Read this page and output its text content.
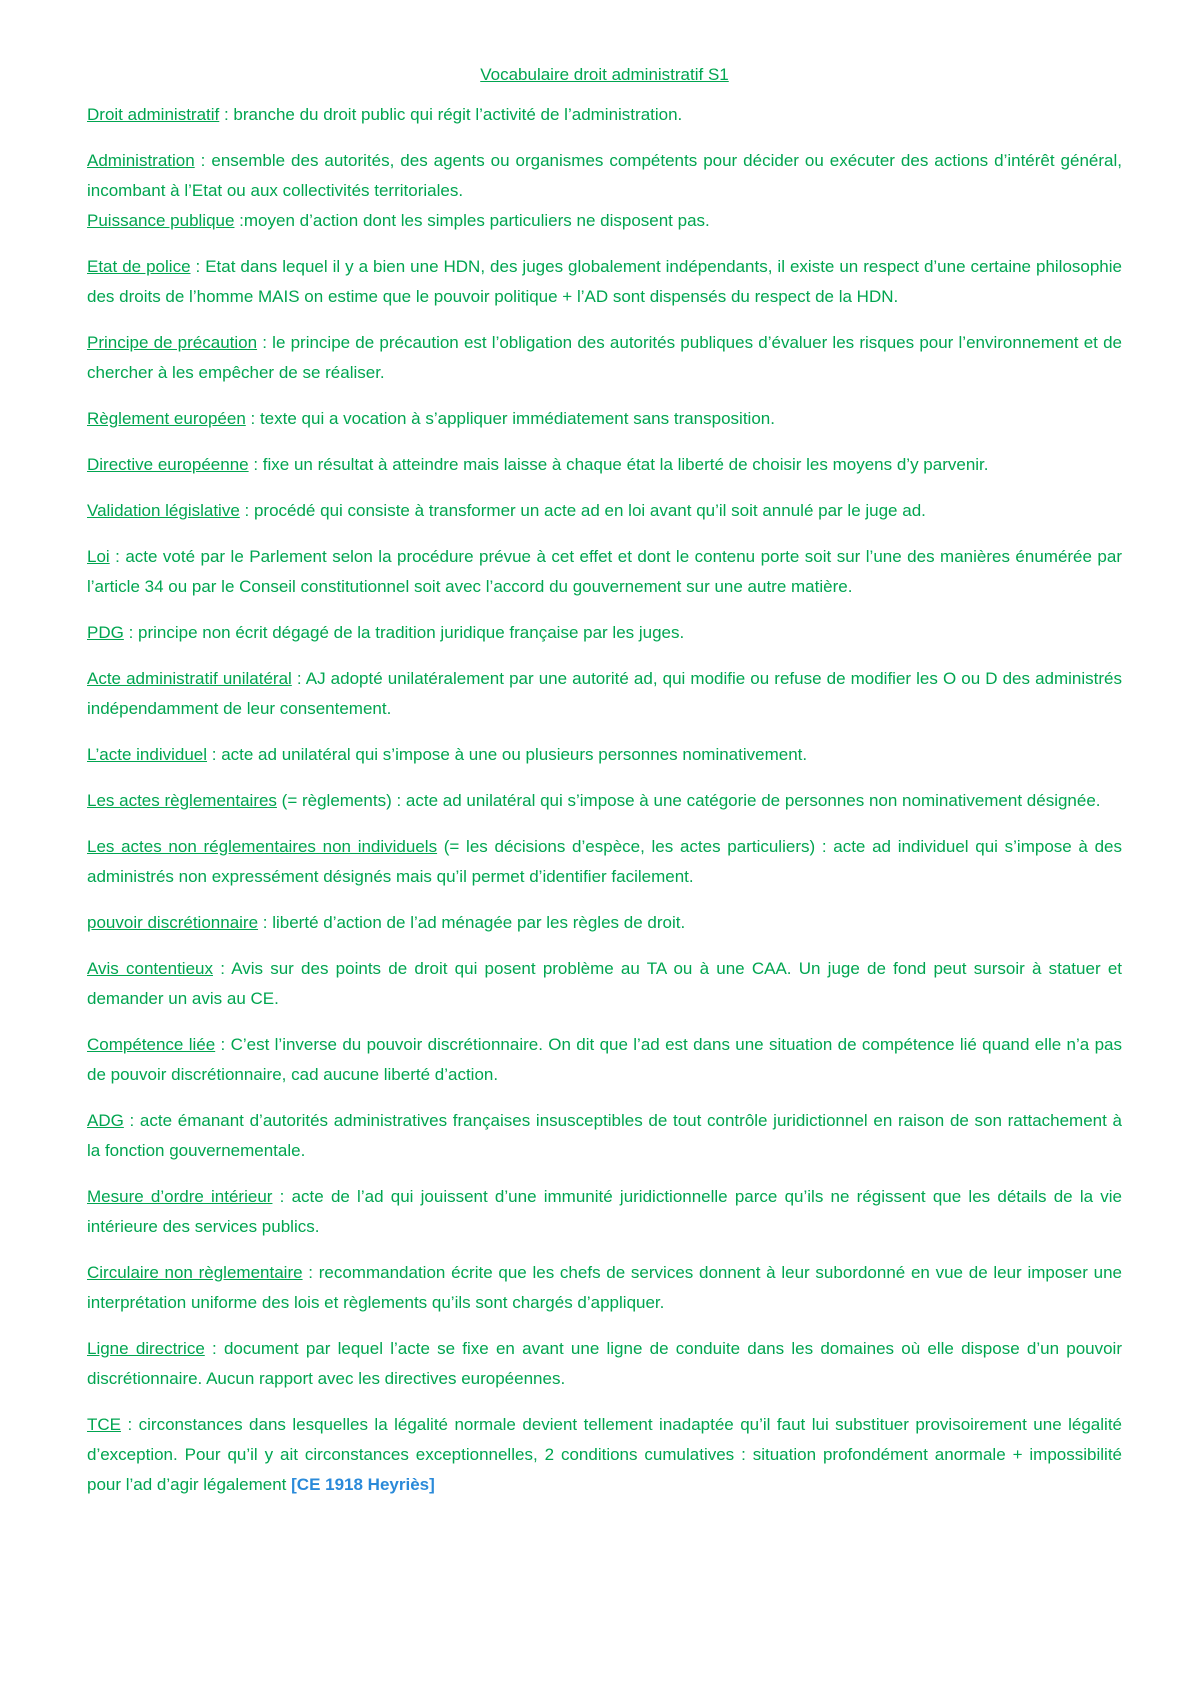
Vocabulaire droit administratif S1

Droit administratif : branche du droit public qui régit l’activité de l’administration.

Administration : ensemble des autorités, des agents ou organismes compétents pour décider ou exécuter des actions d’intérêt général, incombant à l’Etat ou aux collectivités territoriales.

Puissance publique :moyen d’action dont les simples particuliers ne disposent pas.

Etat de police : Etat dans lequel il y a bien une HDN, des juges globalement indépendants, il existe un respect d’une certaine philosophie des droits de l’homme MAIS on estime que le pouvoir politique + l’AD sont dispensés du respect de la HDN.

Principe de précaution : le principe de précaution est l’obligation des autorités publiques d’évaluer les risques pour l’environnement et de chercher à les empêcher de se réaliser.

Règlement européen : texte qui a vocation à s’appliquer immédiatement sans transposition.

Directive européenne : fixe un résultat à atteindre mais laisse à chaque état la liberté de choisir les moyens d’y parvenir.

Validation législative : procédé qui consiste à transformer un acte ad en loi avant qu’il soit annulé par le juge ad.

Loi : acte voté par le Parlement selon la procédure prévue à cet effet et dont le contenu porte soit sur l’une des manières énumérée par l’article 34 ou par le Conseil constitutionnel soit avec l’accord du gouvernement sur une autre matière.

PDG : principe non écrit dégagé de la tradition juridique française par les juges.

Acte administratif unilatéral : AJ adopté unilatéralement par une autorité ad, qui modifie ou refuse de modifier les O ou D des administrés indépendamment de leur consentement.

L’acte individuel : acte ad unilatéral qui s’impose à une ou plusieurs personnes nominativement.

Les actes règlementaires (= règlements) : acte ad unilatéral qui s’impose à une catégorie de personnes non nominativement désignée.

Les actes non réglementaires non individuels (= les décisions d’espèce, les actes particuliers) : acte ad individuel qui s’impose à des administrés non expressément désignés mais qu’il permet d’identifier facilement.

pouvoir discrétionnaire : liberté d’action de l’ad ménagée par les règles de droit.

Avis contentieux : Avis sur des points de droit qui posent problème au TA ou à une CAA. Un juge de fond peut sursoir à statuer et demander un avis au CE.

Compétence liée : C’est l’inverse du pouvoir discrétionnaire. On dit que l’ad est dans une situation de compétence lié quand elle n’a pas de pouvoir discrétionnaire, cad aucune liberté d’action.

ADG : acte émanant d’autorités administratives françaises insusceptibles de tout contrôle juridictionnel en raison de son rattachement à la fonction gouvernementale.

Mesure d’ordre intérieur : acte de l’ad qui jouissent d’une immunité juridictionnelle parce qu’ils ne régissent que les détails de la vie intérieure des services publics.

Circulaire non règlementaire : recommandation écrite que les chefs de services donnent à leur subordonné en vue de leur imposer une interprétation uniforme des lois et règlements qu’ils sont chargés d’appliquer.

Ligne directrice : document par lequel l’acte se fixe en avant une ligne de conduite dans les domaines où elle dispose d’un pouvoir discrétionnaire. Aucun rapport avec les directives européennes.

TCE : circonstances dans lesquelles la légalité normale devient tellement inadaptée qu’il faut lui substituer provisoirement une légalité d’exception. Pour qu’il y ait circonstances exceptionnelles, 2 conditions cumulatives : situation profondément anormale + impossibilité pour l’ad d’agir légalement [CE 1918 Heyriès]
